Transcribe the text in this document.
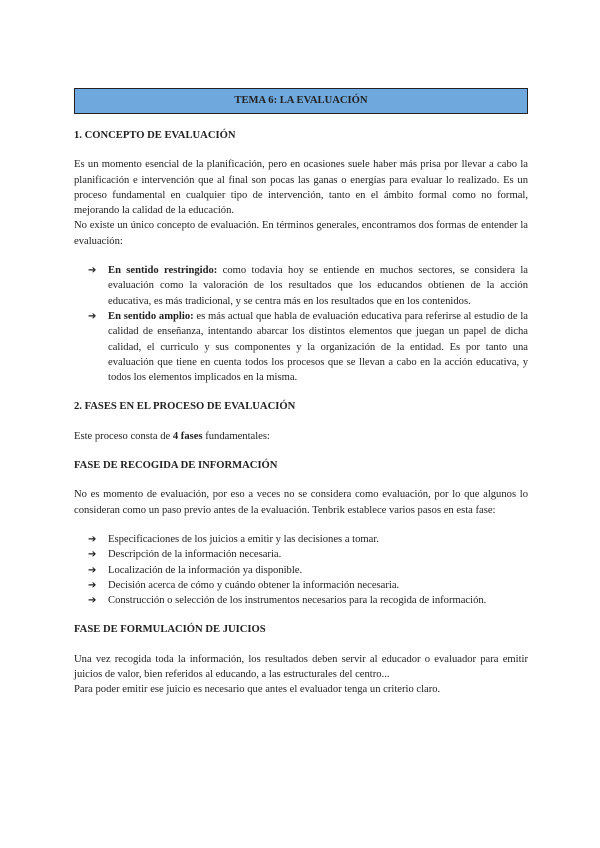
TEMA 6: LA EVALUACIÓN

1. CONCEPTO DE EVALUACIÓN

Es un momento esencial de la planificación, pero en ocasiones suele haber más prisa por llevar a cabo la planificación e intervención que al final son pocas las ganas o energías para evaluar lo realizado. Es un proceso fundamental en cualquier tipo de intervención, tanto en el ámbito formal como no formal, mejorando la calidad de la educación.

No existe un único concepto de evaluación. En términos generales, encontramos dos formas de entender la evaluación:

➔ En sentido restringido: como todavia hoy se entiende en muchos sectores, se considera la evaluación como la valoración de los resultados que los educandos obtienen de la acción educativa, es más tradicional, y se centra más en los resultados que en los contenidos.
➔ En sentido amplio: es más actual que habla de evaluación educativa para referirse al estudio de la calidad de enseñanza, intentando abarcar los distintos elementos que juegan un papel de dicha calidad, el curriculo y sus componentes y la organización de la entidad. Es por tanto una evaluación que tiene en cuenta todos los procesos que se llevan a cabo en la acción educativa, y todos los elementos implicados en la misma.

2. FASES EN EL PROCESO DE EVALUACIÓN

Este proceso consta de 4 fases fundamentales:

FASE DE RECOGIDA DE INFORMACIÓN

No es momento de evaluación, por eso a veces no se considera como evaluación, por lo que algunos lo consideran como un paso previo antes de la evaluación. Tenbrik establece varios pasos en esta fase:

➔ Especificaciones de los juicios a emitir y las decisiones a tomar.
➔ Descripción de la información necesaria.
➔ Localización de la información ya disponible.
➔ Decisión acerca de cómo y cuándo obtener la información necesaria.
➔ Construcción o selección de los instrumentos necesarios para la recogida de información.

FASE DE FORMULACIÓN DE JUICIOS

Una vez recogida toda la información, los resultados deben servir al educador o evaluador para emitir juicios de valor, bien referidos al educando, a las estructurales del centro...

Para poder emitir ese juicio es necesario que antes el evaluador tenga un criterio claro.
